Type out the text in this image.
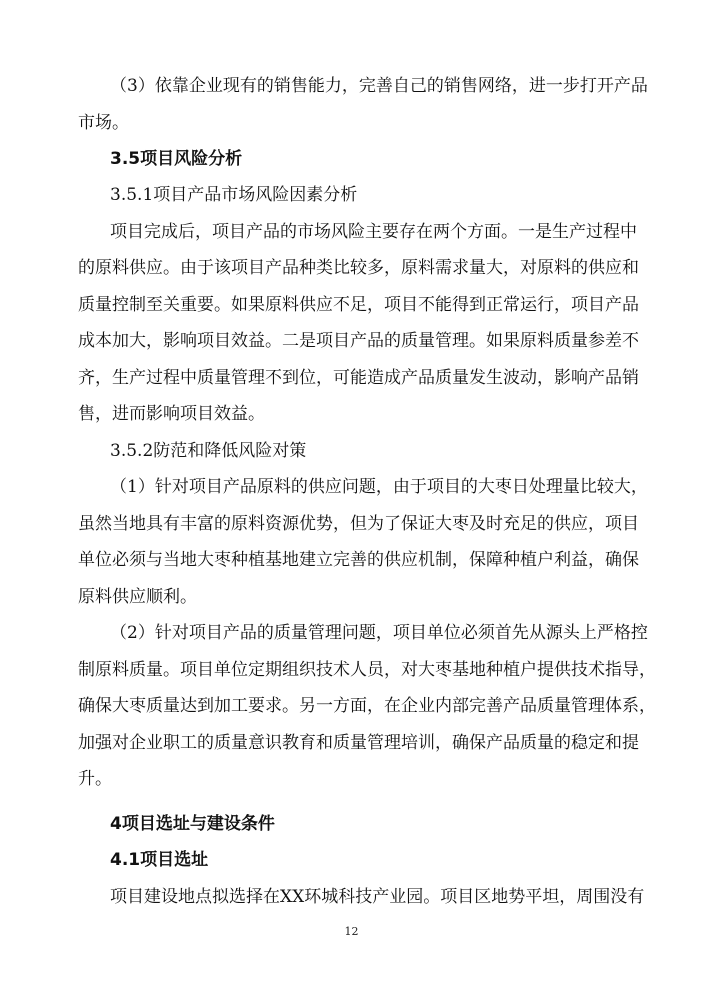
（3）依靠企业现有的销售能力，完善自己的销售网络，进一步打开产品
市场。
3.5项目风险分析
3.5.1项目产品市场风险因素分析
项目完成后，项目产品的市场风险主要存在两个方面。一是生产过程中
的原料供应。由于该项目产品种类比较多，原料需求量大，对原料的供应和
质量控制至关重要。如果原料供应不足，项目不能得到正常运行，项目产品
成本加大，影响项目效益。二是项目产品的质量管理。如果原料质量参差不
齐，生产过程中质量管理不到位，可能造成产品质量发生波动，影响产品销
售，进而影响项目效益。
3.5.2防范和降低风险对策
（1）针对项目产品原料的供应问题，由于项目的大枣日处理量比较大，
虽然当地具有丰富的原料资源优势，但为了保证大枣及时充足的供应，项目
单位必须与当地大枣种植基地建立完善的供应机制，保障种植户利益，确保
原料供应顺利。
（2）针对项目产品的质量管理问题，项目单位必须首先从源头上严格控
制原料质量。项目单位定期组织技术人员，对大枣基地种植户提供技术指导，
确保大枣质量达到加工要求。另一方面，在企业内部完善产品质量管理体系，
加强对企业职工的质量意识教育和质量管理培训，确保产品质量的稳定和提
升。
4项目选址与建设条件
4.1项目选址
项目建设地点拟选择在XX环城科技产业园。项目区地势平坦，周围没有
12
